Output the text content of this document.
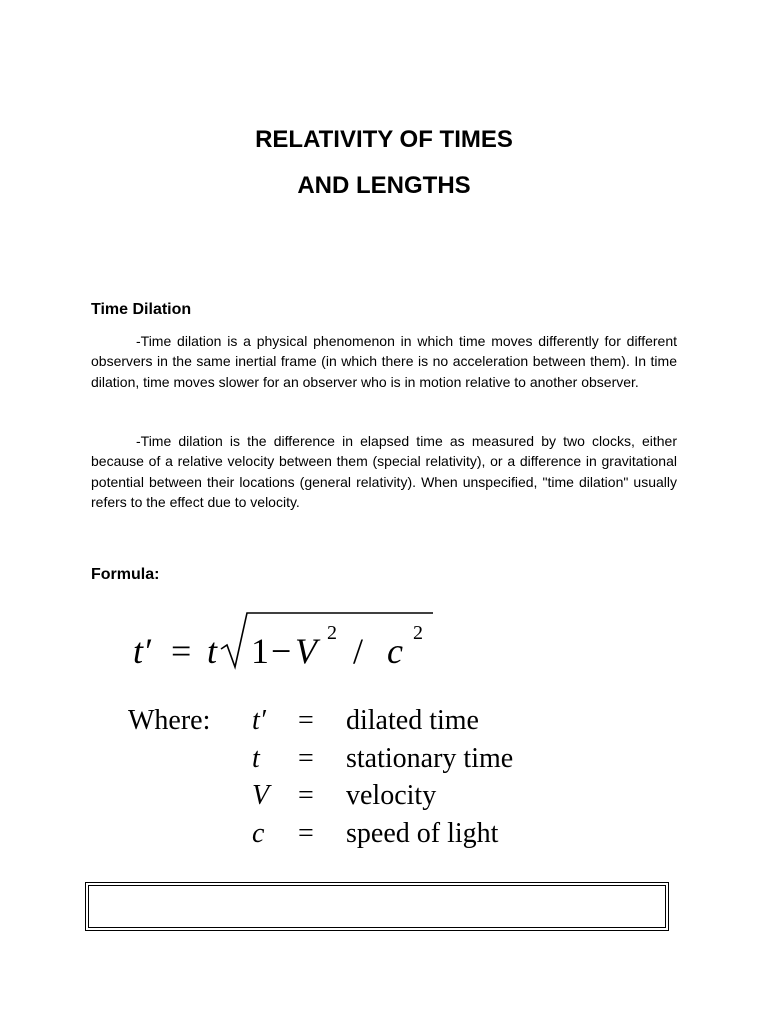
RELATIVITY OF TIMES
AND LENGTHS
Time Dilation

-Time dilation is a physical phenomenon in which time moves differently for different observers in the same inertial frame (in which there is no acceleration between them). In time dilation, time moves slower for an observer who is in motion relative to another observer.

-Time dilation is the difference in elapsed time as measured by two clocks, either because of a relative velocity between them (special relativity), or a difference in gravitational potential between their locations (general relativity). When unspecified, "time dilation" usually refers to the effect due to velocity.

Formula:
t′ = t 1 − V 2 / c 2
Where: t′ = dilated time
t = stationary time
V = velocity
c = speed of light
